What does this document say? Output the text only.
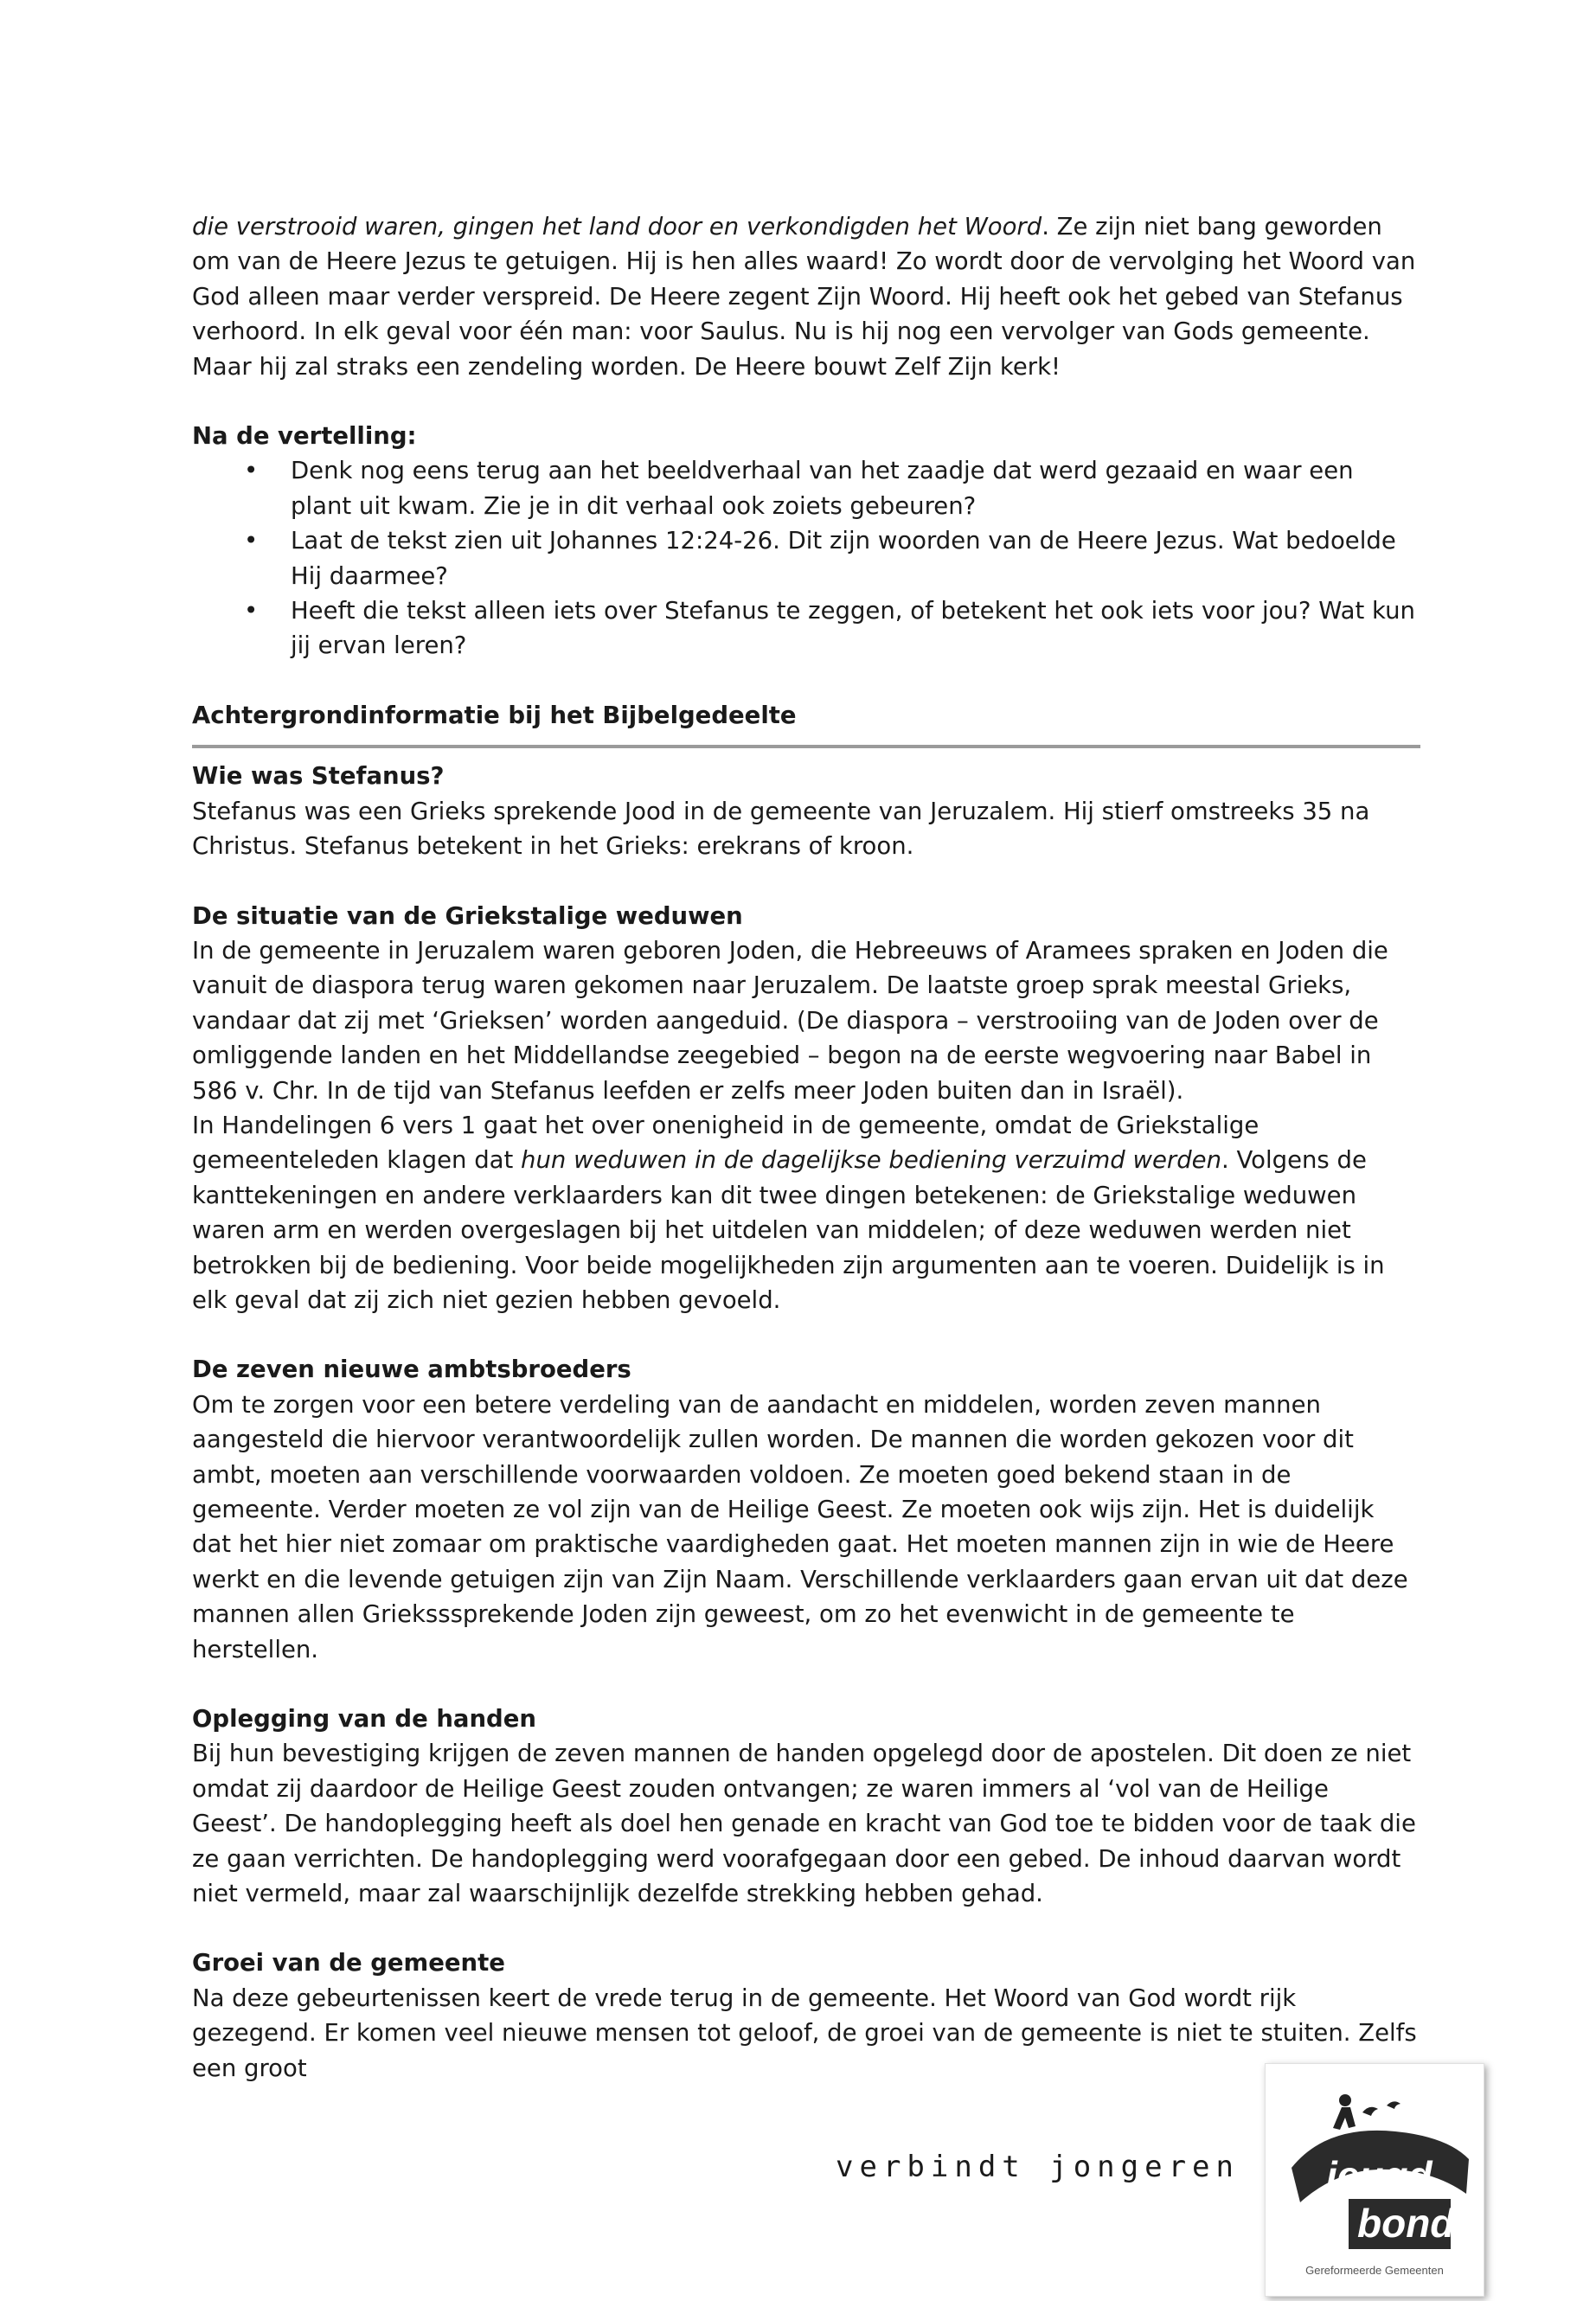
die verstrooid waren, gingen het land door en verkondigden het Woord. Ze zijn niet bang geworden om van de Heere Jezus te getuigen. Hij is hen alles waard! Zo wordt door de vervolging het Woord van God alleen maar verder verspreid. De Heere zegent Zijn Woord. Hij heeft ook het gebed van Stefanus verhoord. In elk geval voor één man: voor Saulus. Nu is hij nog een vervolger van Gods gemeente. Maar hij zal straks een zendeling worden. De Heere bouwt Zelf Zijn kerk!

Na de vertelling:

• Denk nog eens terug aan het beeldverhaal van het zaadje dat werd gezaaid en waar een plant uit kwam. Zie je in dit verhaal ook zoiets gebeuren?
• Laat de tekst zien uit Johannes 12:24-26. Dit zijn woorden van de Heere Jezus. Wat bedoelde Hij daarmee?
• Heeft die tekst alleen iets over Stefanus te zeggen, of betekent het ook iets voor jou? Wat kun jij ervan leren?

Achtergrondinformatie bij het Bijbelgedeelte

Wie was Stefanus?

Stefanus was een Grieks sprekende Jood in de gemeente van Jeruzalem. Hij stierf omstreeks 35 na Christus. Stefanus betekent in het Grieks: erekrans of kroon.

De situatie van de Griekstalige weduwen

In de gemeente in Jeruzalem waren geboren Joden, die Hebreeuws of Aramees spraken en Joden die vanuit de diaspora terug waren gekomen naar Jeruzalem. De laatste groep sprak meestal Grieks, vandaar dat zij met ‘Grieksen’ worden aangeduid. (De diaspora – verstrooiing van de Joden over de omliggende landen en het Middellandse zeegebied – begon na de eerste wegvoering naar Babel in 586 v. Chr. In de tijd van Stefanus leefden er zelfs meer Joden buiten dan in Israël).

In Handelingen 6 vers 1 gaat het over onenigheid in de gemeente, omdat de Griekstalige gemeenteleden klagen dat hun weduwen in de dagelijkse bediening verzuimd werden. Volgens de kanttekeningen en andere verklaarders kan dit twee dingen betekenen: de Griekstalige weduwen waren arm en werden overgeslagen bij het uitdelen van middelen; of deze weduwen werden niet betrokken bij de bediening. Voor beide mogelijkheden zijn argumenten aan te voeren. Duidelijk is in elk geval dat zij zich niet gezien hebben gevoeld.

De zeven nieuwe ambtsbroeders

Om te zorgen voor een betere verdeling van de aandacht en middelen, worden zeven mannen aangesteld die hiervoor verantwoordelijk zullen worden. De mannen die worden gekozen voor dit ambt, moeten aan verschillende voorwaarden voldoen. Ze moeten goed bekend staan in de gemeente. Verder moeten ze vol zijn van de Heilige Geest. Ze moeten ook wijs zijn. Het is duidelijk dat het hier niet zomaar om praktische vaardigheden gaat. Het moeten mannen zijn in wie de Heere werkt en die levende getuigen zijn van Zijn Naam. Verschillende verklaarders gaan ervan uit dat deze mannen allen Grieksssprekende Joden zijn geweest, om zo het evenwicht in de gemeente te herstellen.

Oplegging van de handen

Bij hun bevestiging krijgen de zeven mannen de handen opgelegd door de apostelen. Dit doen ze niet omdat zij daardoor de Heilige Geest zouden ontvangen; ze waren immers al ‘vol van de Heilige Geest’. De handoplegging heeft als doel hen genade en kracht van God toe te bidden voor de taak die ze gaan verrichten. De handoplegging werd voorafgegaan door een gebed. De inhoud daarvan wordt niet vermeld, maar zal waarschijnlijk dezelfde strekking hebben gehad.

Groei van de gemeente

Na deze gebeurtenissen keert de vrede terug in de gemeente. Het Woord van God wordt rijk gezegend. Er komen veel nieuwe mensen tot geloof, de groei van de gemeente is niet te stuiten. Zelfs een groot

verbindt jongeren jeugd
bond
Gereformeerde Gemeenten
